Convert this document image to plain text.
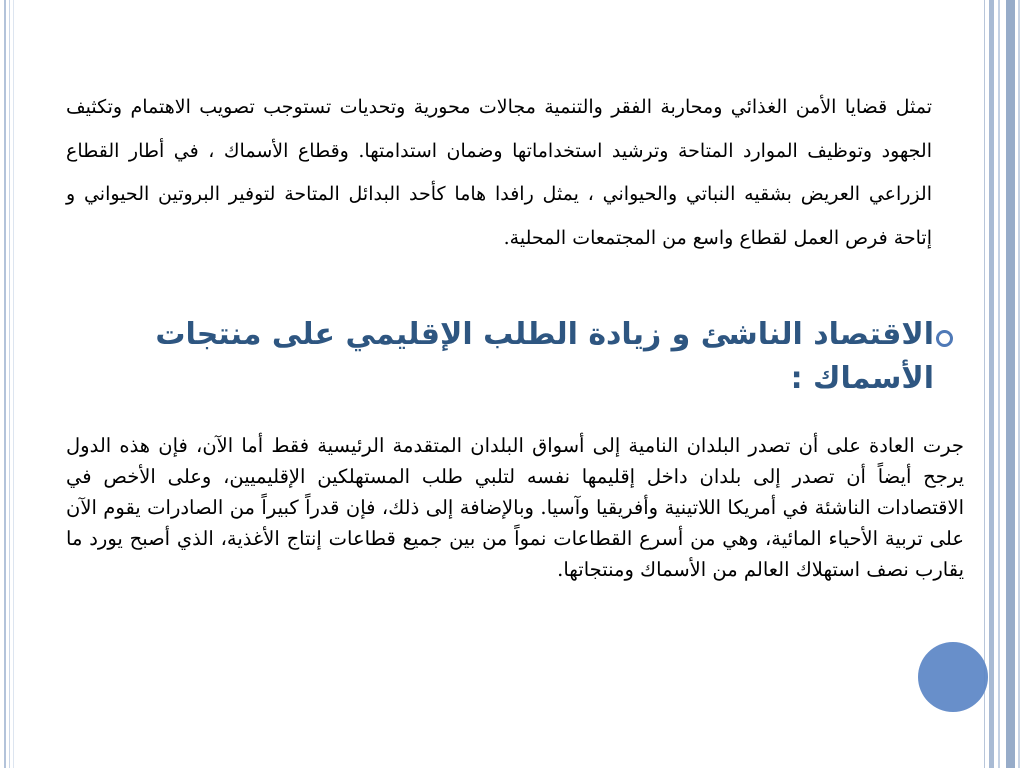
تمثل قضايا الأمن الغذائي ومحاربة الفقر والتنمية مجالات محورية وتحديات تستوجب تصويب الاهتمام وتكثيف الجهود وتوظيف الموارد المتاحة وترشيد استخداماتها وضمان استدامتها. وقطاع الأسماك ، في أطار القطاع الزراعي العريض بشقيه النباتي والحيواني ، يمثل رافدا هاما كأحد البدائل المتاحة لتوفير البروتين الحيواني و إتاحة فرص العمل لقطاع واسع من المجتمعات المحلية.

الاقتصاد الناشئ و زيادة الطلب الإقليمي على منتجات الأسماك :

جرت العادة على أن تصدر البلدان النامية إلى أسواق البلدان المتقدمة الرئيسية فقط أما الآن، فإن هذه الدول يرجح أيضاً أن تصدر إلى بلدان داخل إقليمها نفسه لتلبي طلب المستهلكين الإقليميين، وعلى الأخص في الاقتصادات الناشئة في أمريكا اللاتينية وأفريقيا وآسيا. وبالإضافة إلى ذلك، فإن قدراً كبيراً من الصادرات يقوم الآن على تربية الأحياء المائية، وهي من أسرع القطاعات نمواً من بين جميع قطاعات إنتاج الأغذية، الذي أصبح يورد ما يقارب نصف استهلاك العالم من الأسماك ومنتجاتها.
